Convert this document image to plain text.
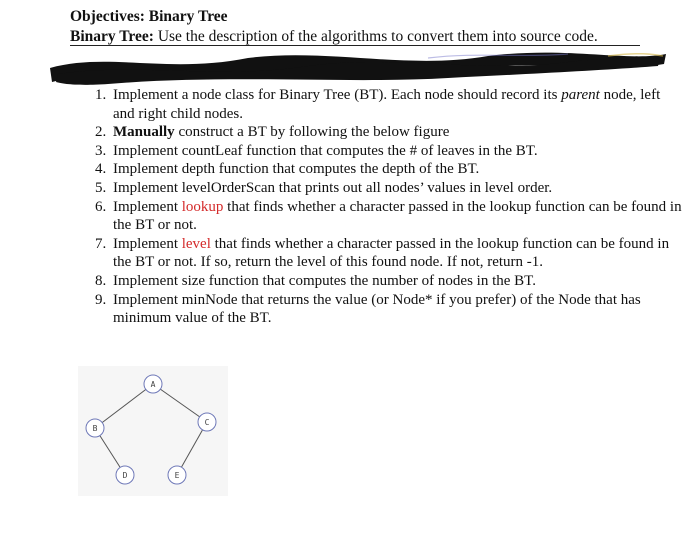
Objectives: Binary Tree
Binary Tree: Use the description of the algorithms to convert them into source code.
1. Implement a node class for Binary Tree (BT). Each node should record its parent node, left and right child nodes.
2. Manually construct a BT by following the below figure
3. Implement countLeaf function that computes the # of leaves in the BT.
4. Implement depth function that computes the depth of the BT.
5. Implement levelOrderScan that prints out all nodes’ values in level order.
6. Implement lookup that finds whether a character passed in the lookup function can be found in the BT or not.
7. Implement level that finds whether a character passed in the lookup function can be found in the BT or not. If so, return the level of this found node. If not, return -1.
8. Implement size function that computes the number of nodes in the BT.
9. Implement minNode that returns the value (or Node* if you prefer) of the Node that has minimum value of the BT.
A
B
C
D	E
